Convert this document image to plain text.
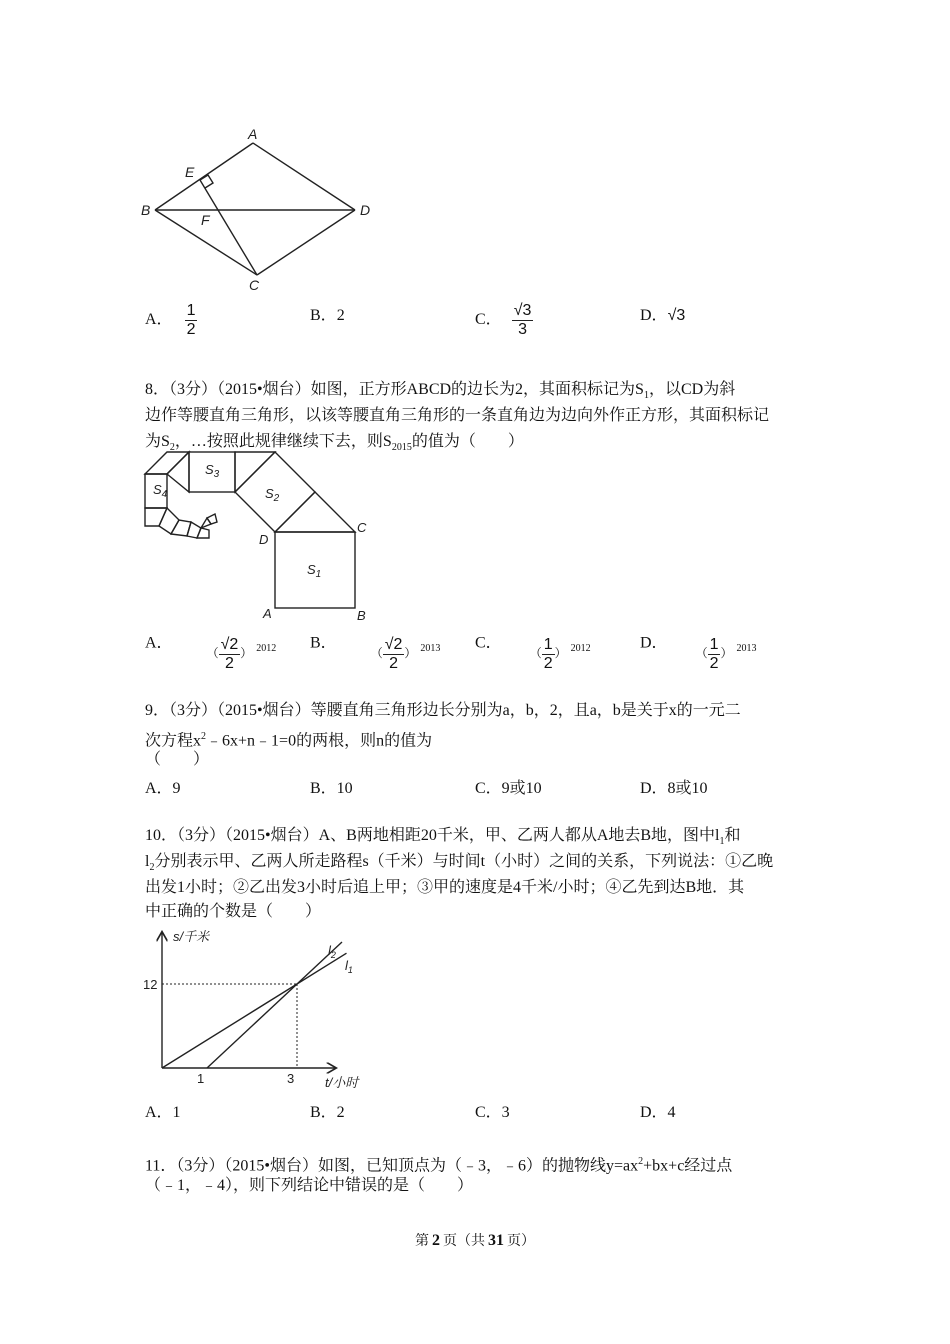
A
E
B
F
D
C
A． $\frac{1}{2}$	B．2	C． $\frac{√3}{3}$	D．√3
8．（3分）（2015•烟台）如图，正方形ABCD的边长为2，其面积标记为$S_1$，以CD为斜
边作等腰直角三角形，以该等腰直角三角形的一条直角边为边向外作正方形，其面积标记
为$S_2$，…按照此规律继续下去，则$S_{2015}$的值为（　　）
$S_1$
$S_2$
$S_3$
$S_4$
D
C
A	B
A． $_{( \frac{√2}{2} ) ^{2012}}$ B． $_{( \frac{√2}{2} ) ^{2013}}$ C． $_{( \frac{1}{2} ) ^{2012}}$	D． $_{( \frac{1}{2} ) ^{2013}}$
9．（3分）（2015•烟台）等腰直角三角形边长分别为a，b，2，且a，b是关于x的一元二
次方程$x^2﹣6x+n﹣1=0$的两根，则n的值为
（　　）
A．9	B．10	C．9或10	D．8或10
10．（3分）（2015•烟台）A、B两地相距20千米，甲、乙两人都从A地去B地，图中$l_1$和
$l_2$分别表示甲、乙两人所走路程s（千米）与时间t（小时）之间的关系，下列说法：①乙晚
出发1小时；②乙出发3小时后追上甲；③甲的速度是4千米/小时；④乙先到达B地．其
中正确的个数是（　　）
s/千米
t/小时
12
1	3
$l_2$
$l_1$
A．1	B．2	C．3	D．4
11．（3分）（2015•烟台）如图，已知顶点为（﹣3，﹣6）的抛物线$y=ax^2+bx+c$经过点
（﹣1，﹣4），则下列结论中错误的是（　　）
第 2 页（共 31 页）
